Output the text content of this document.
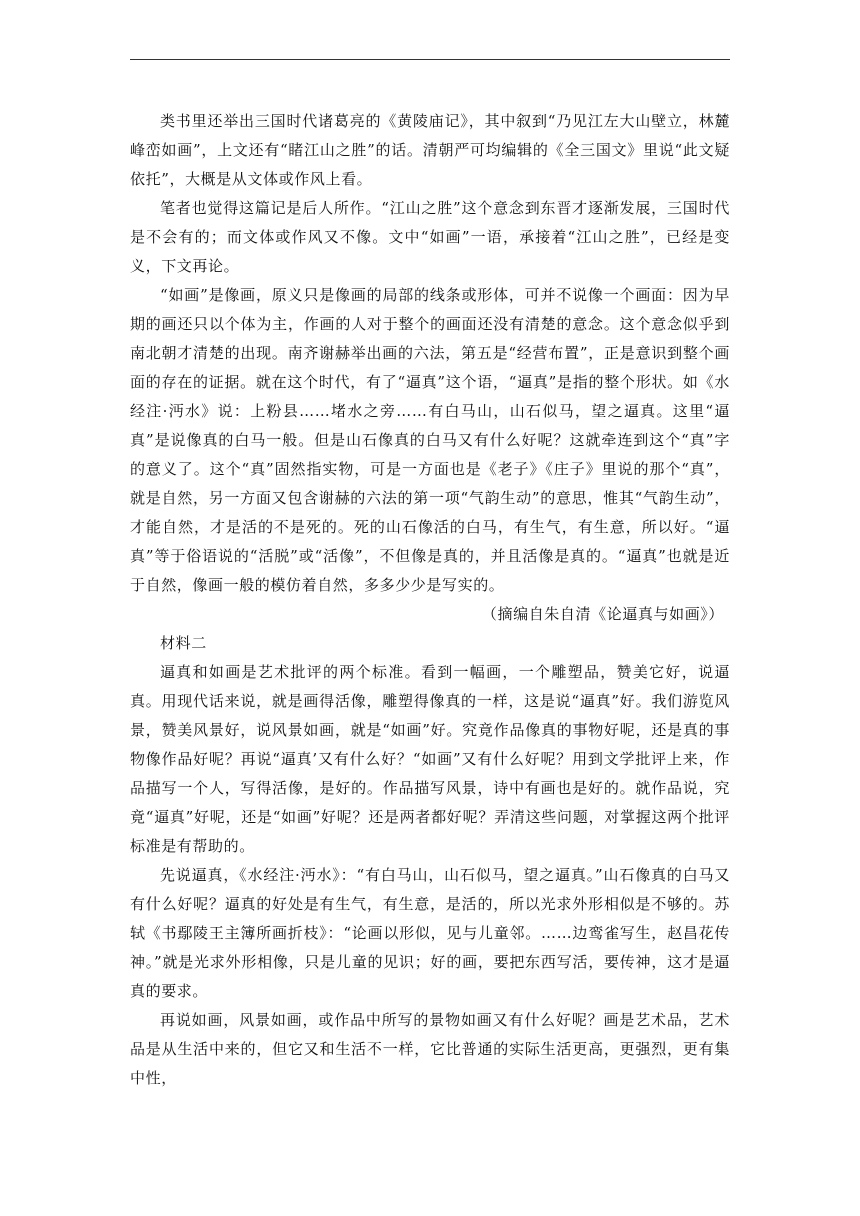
类书里还举出三国时代诸葛亮的《黄陵庙记》，其中叙到“乃见江左大山壁立，林麓峰峦如画”，上文还有“睹江山之胜”的话。清朝严可均编辑的《全三国文》里说“此文疑依托”，大概是从文体或作风上看。

笔者也觉得这篇记是后人所作。“江山之胜”这个意念到东晋才逐渐发展，三国时代是不会有的；而文体或作风又不像。文中“如画”一语，承接着“江山之胜”，已经是变义，下文再论。

“如画”是像画，原义只是像画的局部的线条或形体，可并不说像一个画面：因为早期的画还只以个体为主，作画的人对于整个的画面还没有清楚的意念。这个意念似乎到南北朝才清楚的出现。南齐谢赫举出画的六法，第五是“经营布置”，正是意识到整个画面的存在的证据。就在这个时代，有了“逼真”这个语，“逼真”是指的整个形状。如《水经注·沔水》说：上粉县……堵水之旁……有白马山，山石似马，望之逼真。这里“逼真”是说像真的白马一般。但是山石像真的白马又有什么好呢？这就牵连到这个“真”字的意义了。这个“真”固然指实物，可是一方面也是《老子》《庄子》里说的那个“真”，就是自然，另一方面又包含谢赫的六法的第一项“气韵生动”的意思，惟其“气韵生动”，才能自然，才是活的不是死的。死的山石像活的白马，有生气，有生意，所以好。“逼真”等于俗语说的“活脱”或“活像”，不但像是真的，并且活像是真的。“逼真”也就是近于自然，像画一般的模仿着自然，多多少少是写实的。

（摘编自朱自清《论逼真与如画》）

材料二

逼真和如画是艺术批评的两个标准。看到一幅画，一个雕塑品，赞美它好，说逼真。用现代话来说，就是画得活像，雕塑得像真的一样，这是说“逼真”好。我们游览风景，赞美风景好，说风景如画，就是“如画”好。究竟作品像真的事物好呢，还是真的事物像作品好呢？再说“逼真’又有什么好？“如画”又有什么好呢？用到文学批评上来，作品描写一个人，写得活像，是好的。作品描写风景，诗中有画也是好的。就作品说，究竟“逼真”好呢，还是“如画”好呢？还是两者都好呢？弄清这些问题，对掌握这两个批评标准是有帮助的。

先说逼真，《水经注·沔水》：“有白马山，山石似马，望之逼真。”山石像真的白马又有什么好呢？逼真的好处是有生气，有生意，是活的，所以光求外形相似是不够的。苏轼《书鄢陵王主簿所画折枝》：“论画以形似，见与儿童邻。……边鸾雀写生，赵昌花传神。”就是光求外形相像，只是儿童的见识；好的画，要把东西写活，要传神，这才是逼真的要求。

再说如画，风景如画，或作品中所写的景物如画又有什么好呢？画是艺术品，艺术品是从生活中来的，但它又和生活不一样，它比普通的实际生活更高，更强烈，更有集中性，
